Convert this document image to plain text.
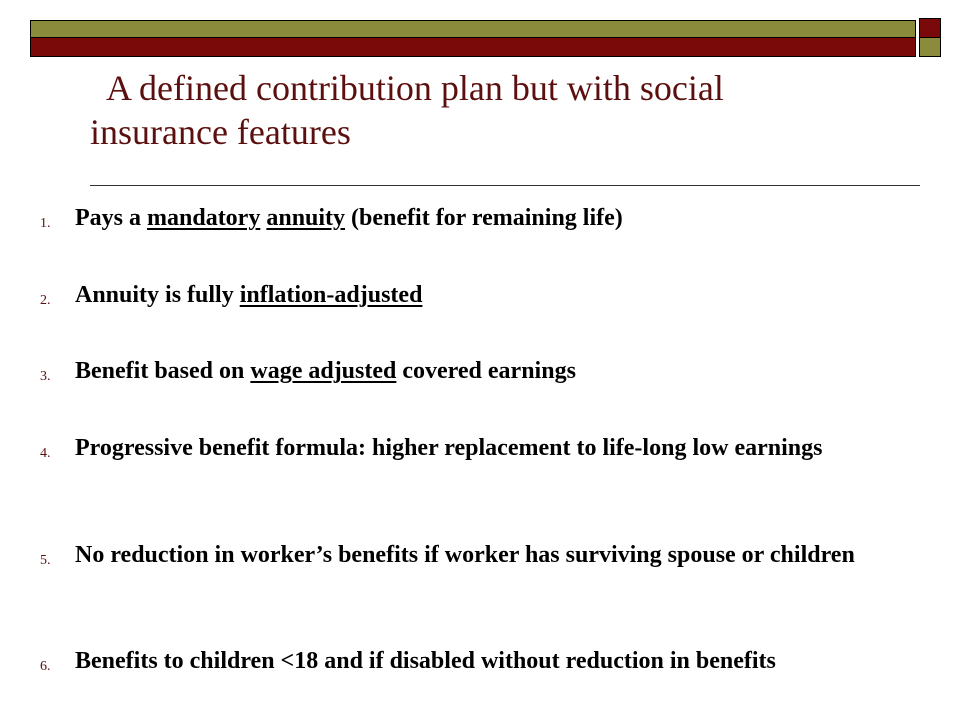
A defined contribution plan but with social
insurance features
1.	Pays a mandatory annuity (benefit for remaining life)
2.	Annuity is fully inflation-adjusted
3.	Benefit based on wage adjusted covered earnings
4.	Progressive benefit formula: higher replacement to life-long low earnings
5.	No reduction in worker’s benefits if worker has surviving spouse or children
6.	Benefits to children <18 and if disabled without reduction in benefits
